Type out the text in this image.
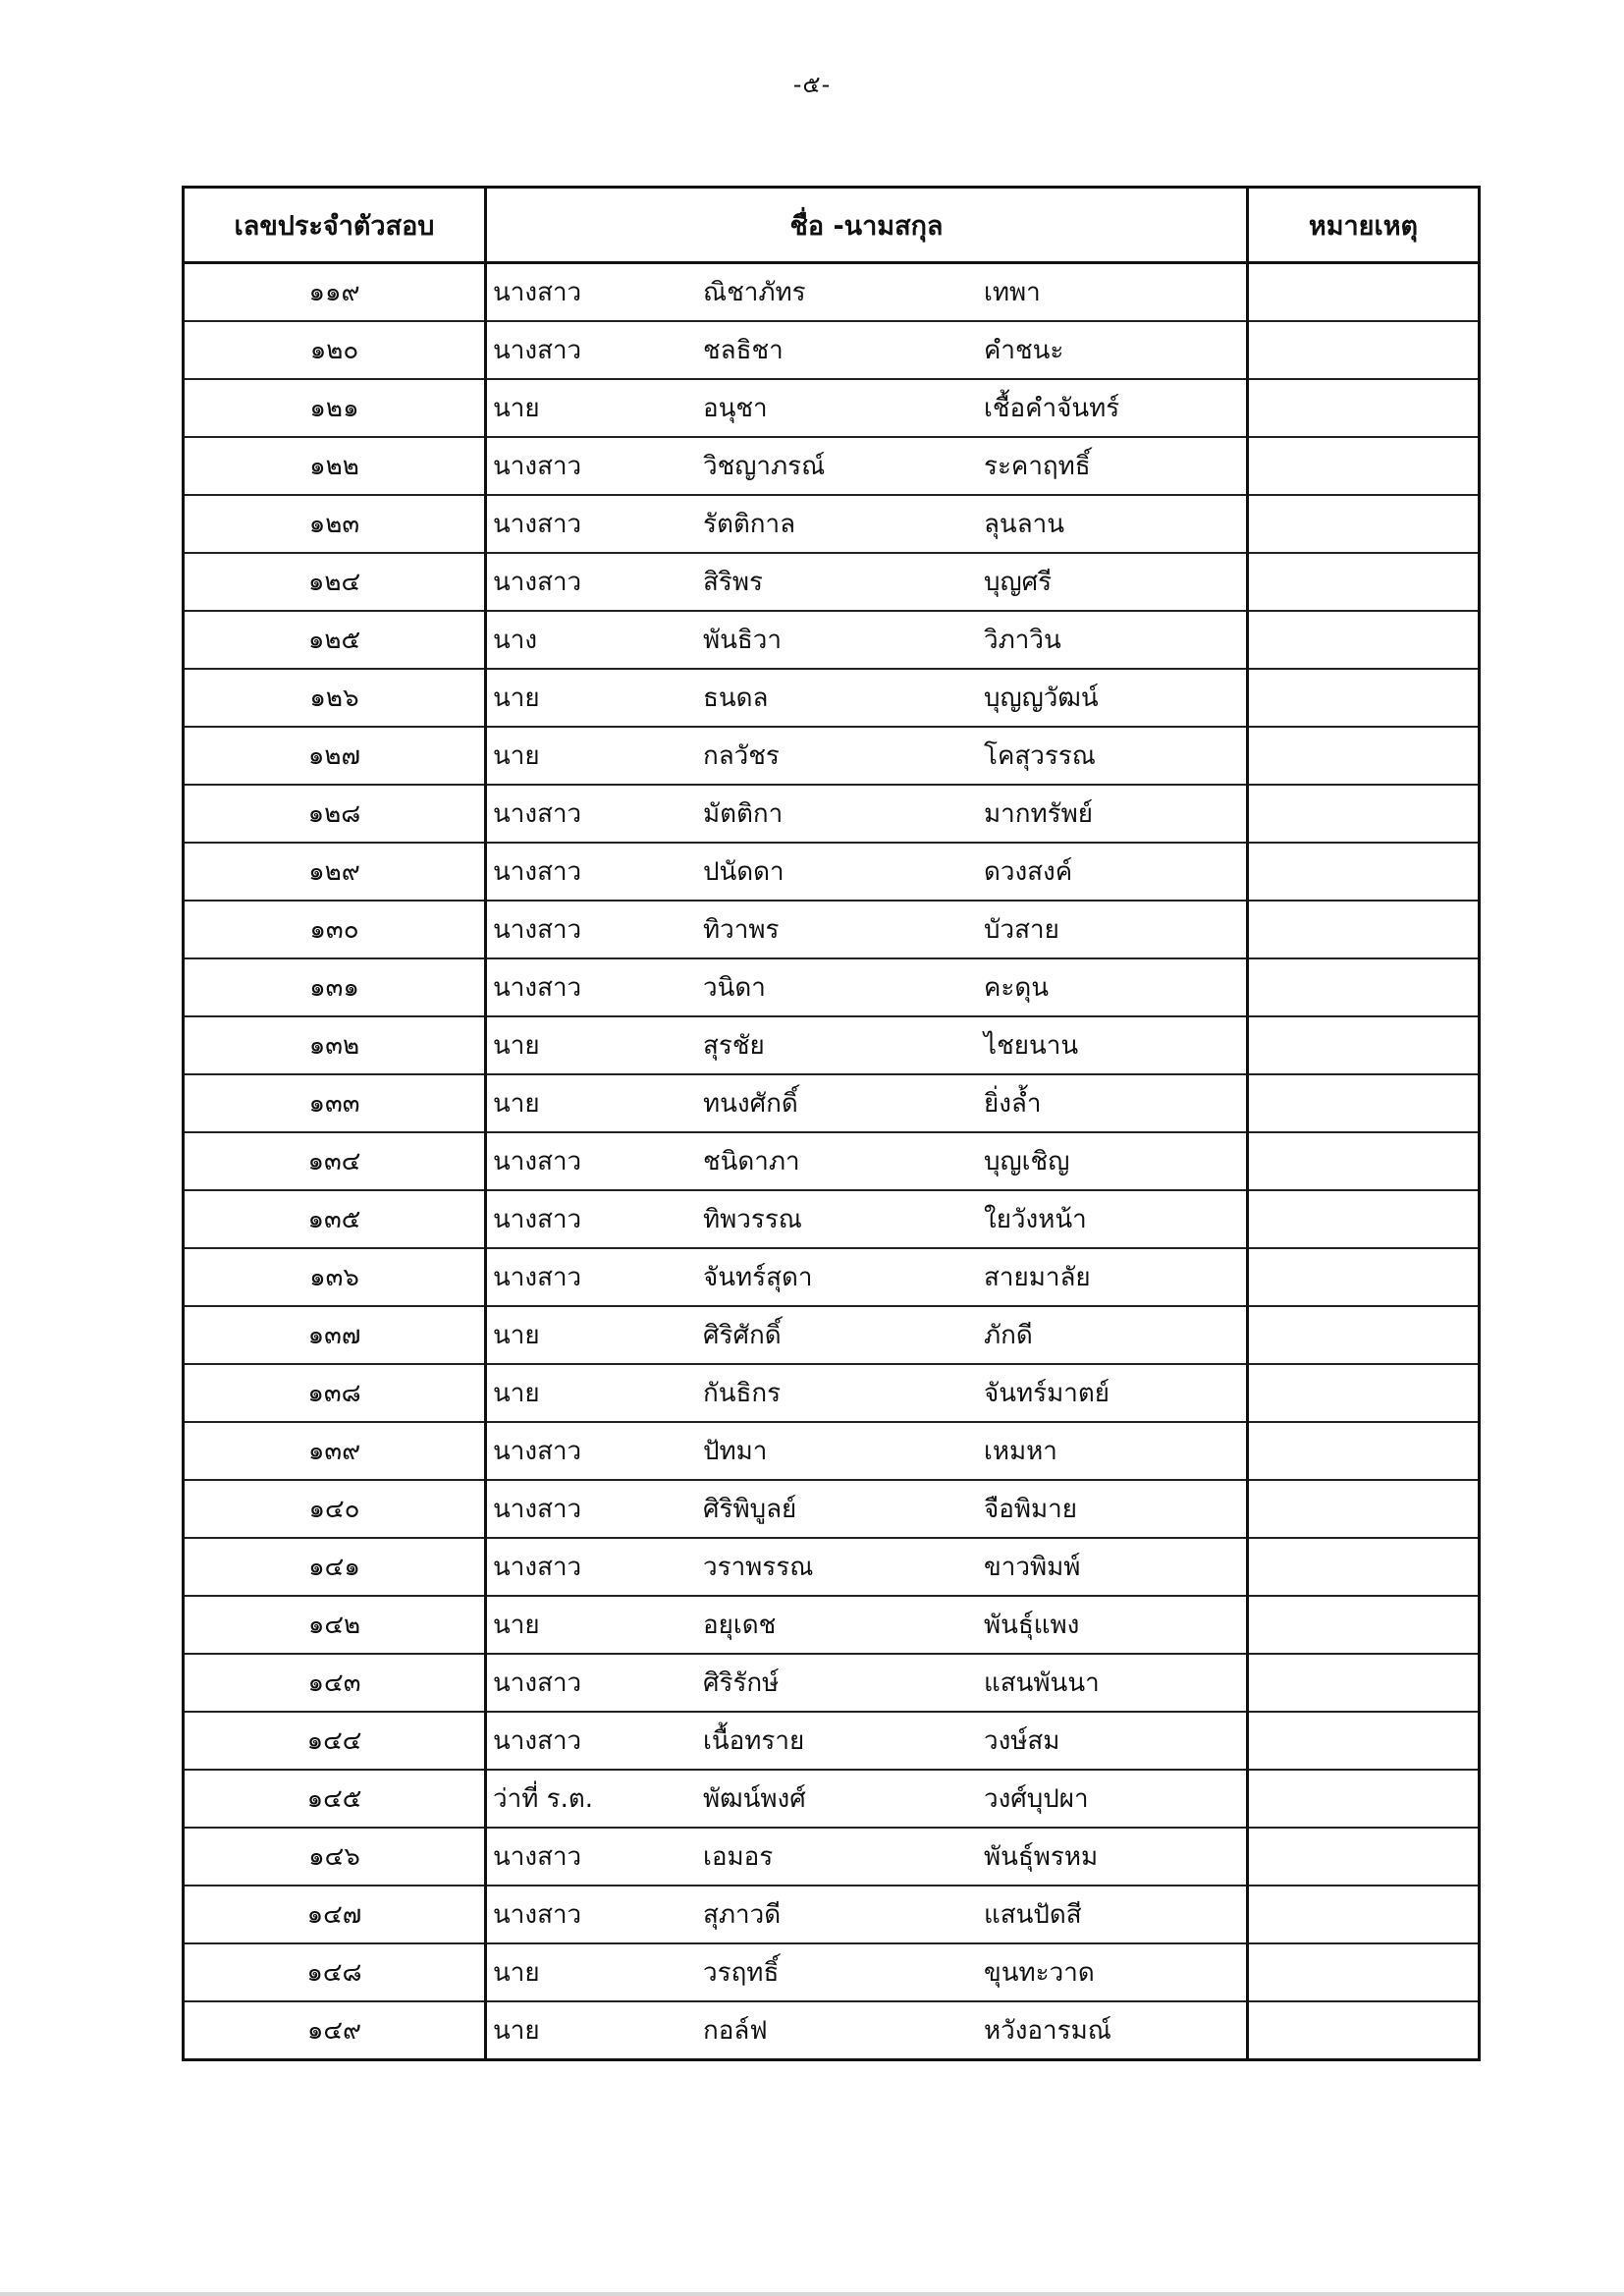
-๕-
เลขประจำตัวสอบ	ชื่อ -นามสกุล	หมายเหตุ
๑๑๙	นางสาว ณิชาภัทร เทพา	

๑๒๐	นางสาว ชลธิชา คำชนะ	

๑๒๑	นาย อนุชา เชื้อคำจันทร์	

๑๒๒	นางสาว วิชญาภรณ์ ระคาฤทธิ์	

๑๒๓	นางสาว รัตติกาล ลุนลาน	

๑๒๔	นางสาว สิริพร บุญศรี	

๑๒๕	นาง พันธิวา วิภาวิน	

๑๒๖	นาย ธนดล บุญญวัฒน์	

๑๒๗	นาย กลวัชร โคสุวรรณ	

๑๒๘	นางสาว มัตติกา มากทรัพย์	

๑๒๙	นางสาว ปนัดดา ดวงสงค์	

๑๓๐	นางสาว ทิวาพร บัวสาย	

๑๓๑	นางสาว วนิดา คะดุน	

๑๓๒	นาย สุรชัย ไชยนาน	

๑๓๓	นาย ทนงศักดิ์ ยิ่งล้ำ	

๑๓๔	นางสาว ชนิดาภา บุญเชิญ	

๑๓๕	นางสาว ทิพวรรณ ใยวังหน้า	

๑๓๖	นางสาว จันทร์สุดา สายมาลัย	

๑๓๗	นาย ศิริศักดิ์ ภักดี	

๑๓๘	นาย กันธิกร จันทร์มาตย์	

๑๓๙	นางสาว ปัทมา เหมหา	

๑๔๐	นางสาว ศิริพิบูลย์ จือพิมาย	

๑๔๑	นางสาว วราพรรณ ขาวพิมพ์	

๑๔๒	นาย อยุเดช พันธุ์แพง	

๑๔๓	นางสาว ศิริรักษ์ แสนพันนา	

๑๔๔	นางสาว เนื้อทราย วงษ์สม	

๑๔๕	ว่าที่ ร.ต. พัฒน์พงศ์ วงศ์บุปผา	

๑๔๖	นางสาว เอมอร พันธุ์พรหม	

๑๔๗	นางสาว สุภาวดี แสนปัดสี	

๑๔๘	นาย วรฤทธิ์ ขุนทะวาด	

๑๔๙	นาย กอล์ฟ หวังอารมณ์	
